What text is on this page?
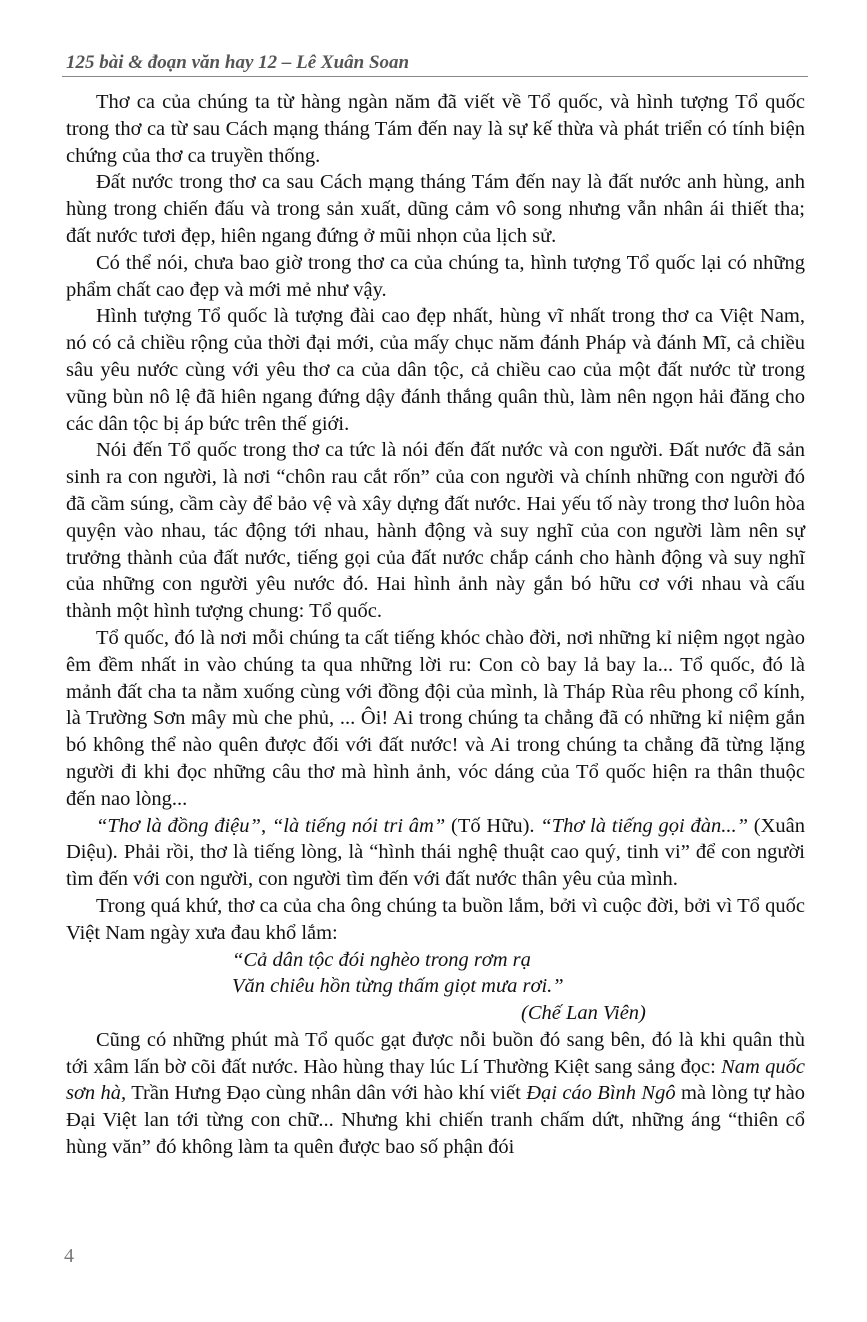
125 bài & đoạn văn hay 12 – Lê Xuân Soan

Thơ ca của chúng ta từ hàng ngàn năm đã viết về Tổ quốc, và hình tượng Tổ quốc trong thơ ca từ sau Cách mạng tháng Tám đến nay là sự kế thừa và phát triển có tính biện chứng của thơ ca truyền thống.

Đất nước trong thơ ca sau Cách mạng tháng Tám đến nay là đất nước anh hùng, anh hùng trong chiến đấu và trong sản xuất, dũng cảm vô song nhưng vẫn nhân ái thiết tha; đất nước tươi đẹp, hiên ngang đứng ở mũi nhọn của lịch sử.

Có thể nói, chưa bao giờ trong thơ ca của chúng ta, hình tượng Tổ quốc lại có những phẩm chất cao đẹp và mới mẻ như vậy.

Hình tượng Tổ quốc là tượng đài cao đẹp nhất, hùng vĩ nhất trong thơ ca Việt Nam, nó có cả chiều rộng của thời đại mới, của mấy chục năm đánh Pháp và đánh Mĩ, cả chiều sâu yêu nước cùng với yêu thơ ca của dân tộc, cả chiều cao của một đất nước từ trong vũng bùn nô lệ đã hiên ngang đứng dậy đánh thắng quân thù, làm nên ngọn hải đăng cho các dân tộc bị áp bức trên thế giới.

Nói đến Tổ quốc trong thơ ca tức là nói đến đất nước và con người. Đất nước đã sản sinh ra con người, là nơi “chôn rau cắt rốn” của con người và chính những con người đó đã cầm súng, cầm cày để bảo vệ và xây dựng đất nước. Hai yếu tố này trong thơ luôn hòa quyện vào nhau, tác động tới nhau, hành động và suy nghĩ của con người làm nên sự trưởng thành của đất nước, tiếng gọi của đất nước chắp cánh cho hành động và suy nghĩ của những con người yêu nước đó. Hai hình ảnh này gắn bó hữu cơ với nhau và cấu thành một hình tượng chung: Tổ quốc.

Tổ quốc, đó là nơi mỗi chúng ta cất tiếng khóc chào đời, nơi những kỉ niệm ngọt ngào êm đềm nhất in vào chúng ta qua những lời ru: Con cò bay lả bay la... Tổ quốc, đó là mảnh đất cha ta nằm xuống cùng với đồng đội của mình, là Tháp Rùa rêu phong cổ kính, là Trường Sơn mây mù che phủ, ... Ôi! Ai trong chúng ta chẳng đã có những kỉ niệm gắn bó không thể nào quên được đối với đất nước! và Ai trong chúng ta chẳng đã từng lặng người đi khi đọc những câu thơ mà hình ảnh, vóc dáng của Tổ quốc hiện ra thân thuộc đến nao lòng...

“Thơ là đồng điệu”, “là tiếng nói tri âm” (Tố Hữu). “Thơ là tiếng gọi đàn...” (Xuân Diệu). Phải rồi, thơ là tiếng lòng, là “hình thái nghệ thuật cao quý, tinh vi” để con người tìm đến với con người, con người tìm đến với đất nước thân yêu của mình.

Trong quá khứ, thơ ca của cha ông chúng ta buồn lắm, bởi vì cuộc đời, bởi vì Tổ quốc Việt Nam ngày xưa đau khổ lắm:

“Cả dân tộc đói nghèo trong rơm rạ
Văn chiêu hồn từng thấm giọt mưa rơi.”
(Chế Lan Viên)

Cũng có những phút mà Tổ quốc gạt được nỗi buồn đó sang bên, đó là khi quân thù tới xâm lấn bờ cõi đất nước. Hào hùng thay lúc Lí Thường Kiệt sang sảng đọc: Nam quốc sơn hà, Trần Hưng Đạo cùng nhân dân với hào khí viết Đại cáo Bình Ngô mà lòng tự hào Đại Việt lan tới từng con chữ... Nhưng khi chiến tranh chấm dứt, những áng “thiên cổ hùng văn” đó không làm ta quên được bao số phận đói

4
